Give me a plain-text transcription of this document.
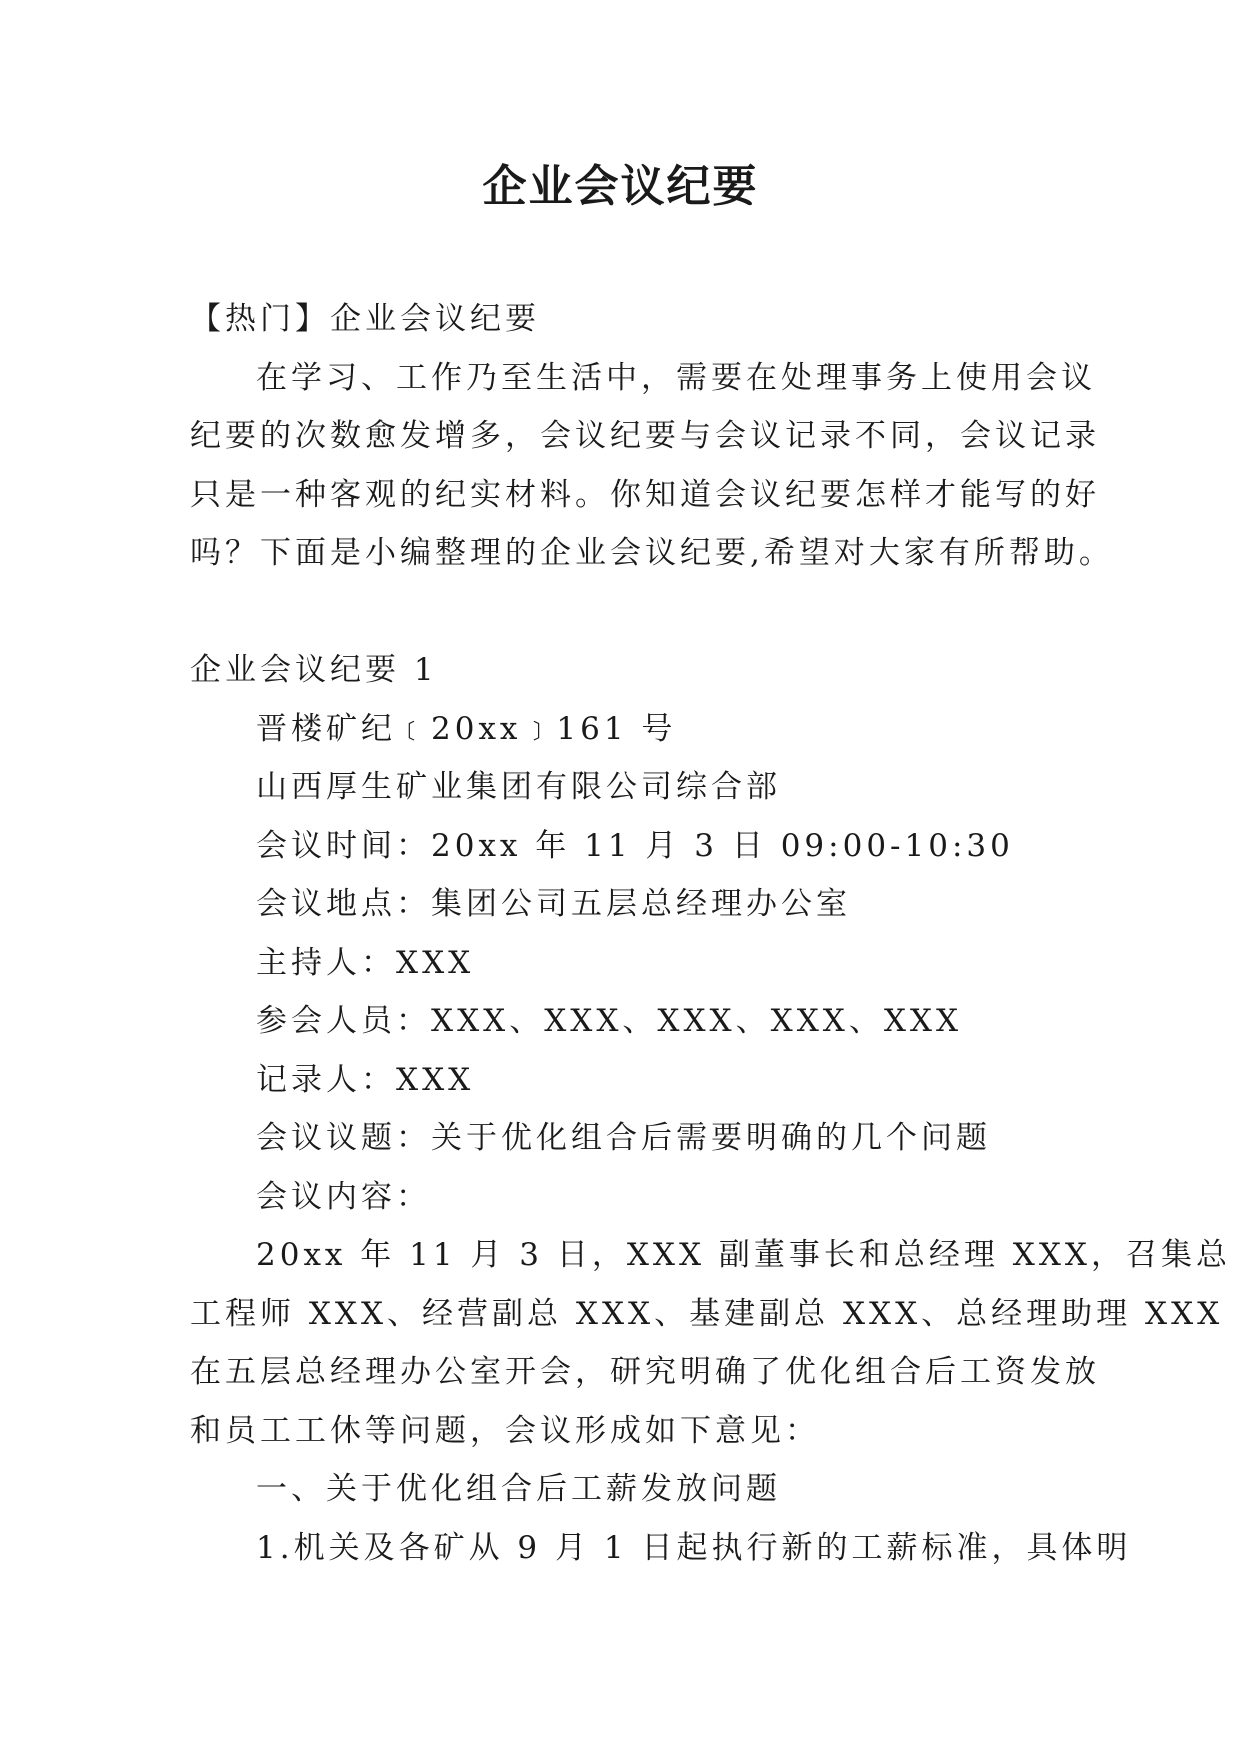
企业会议纪要
【热门】企业会议纪要
在学习、工作乃至生活中，需要在处理事务上使用会议
纪要的次数愈发增多，会议纪要与会议记录不同，会议记录
只是一种客观的纪实材料。你知道会议纪要怎样才能写的好
吗？下面是小编整理的企业会议纪要,希望对大家有所帮助。
企业会议纪要 1
晋楼矿纪﹝20xx﹞161 号
山西厚生矿业集团有限公司综合部
会议时间：20xx 年 11 月 3 日 09:00-10:30
会议地点：集团公司五层总经理办公室
主持人：XXX
参会人员：XXX、XXX、XXX、XXX、XXX
记录人：XXX
会议议题：关于优化组合后需要明确的几个问题
会议内容：
20xx 年 11 月 3 日，XXX 副董事长和总经理 XXX，召集总
工程师 XXX、经营副总 XXX、基建副总 XXX、总经理助理 XXX
在五层总经理办公室开会，研究明确了优化组合后工资发放
和员工工休等问题，会议形成如下意见：
一、关于优化组合后工薪发放问题
1.机关及各矿从 9 月 1 日起执行新的工薪标准，具体明
